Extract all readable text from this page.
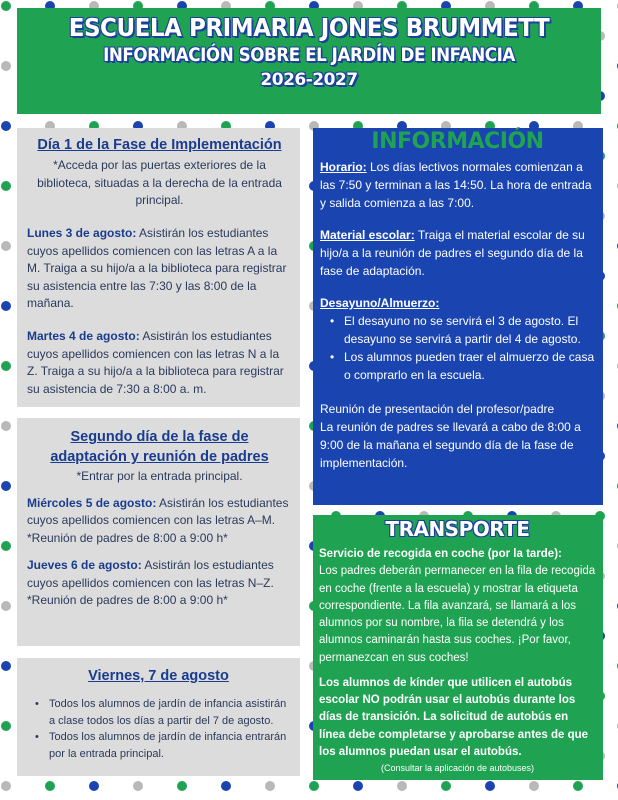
ESCUELA PRIMARIA JONES BRUMMETT
INFORMACIÓN SOBRE EL JARDÍN DE INFANCIA
2026-2027
Día 1 de la Fase de Implementación
*Acceda por las puertas exteriores de la biblioteca, situadas a la derecha de la entrada principal.
Lunes 3 de agosto: Asistirán los estudiantes cuyos apellidos comiencen con las letras A a la M. Traiga a su hijo/a a la biblioteca para registrar su asistencia entre las 7:30 y las 8:00 de la mañana.
Martes 4 de agosto: Asistirán los estudiantes cuyos apellidos comiencen con las letras N a la Z. Traiga a su hijo/a a la biblioteca para registrar su asistencia de 7:30 a 8:00 a. m.
Segundo día de la fase de
adaptación y reunión de padres
*Entrar por la entrada principal.
Miércoles 5 de agosto: Asistirán los estudiantes cuyos apellidos comiencen con las letras A–M.
*Reunión de padres de 8:00 a 9:00 h*
Jueves 6 de agosto: Asistirán los estudiantes cuyos apellidos comiencen con las letras N–Z.
*Reunión de padres de 8:00 a 9:00 h*
Viernes, 7 de agosto
• Todos los alumnos de jardín de infancia asistirán a clase todos los días a partir del 7 de agosto.
• Todos los alumnos de jardín de infancia entrarán por la entrada principal.
INFORMACIÓN
Horario: Los días lectivos normales comienzan a las 7:50 y terminan a las 14:50. La hora de entrada y salida comienza a las 7:00.
Material escolar: Traiga el material escolar de su hijo/a a la reunión de padres el segundo día de la fase de adaptación.
Desayuno/Almuerzo:
• El desayuno no se servirá el 3 de agosto. El desayuno se servirá a partir del 4 de agosto.
• Los alumnos pueden traer el almuerzo de casa o comprarlo en la escuela.
Reunión de presentación del profesor/padre
La reunión de padres se llevará a cabo de 8:00 a 9:00 de la mañana el segundo día de la fase de implementación.
TRANSPORTE
Servicio de recogida en coche (por la tarde):
Los padres deberán permanecer en la fila de recogida en coche (frente a la escuela) y mostrar la etiqueta correspondiente. La fila avanzará, se llamará a los alumnos por su nombre, la fila se detendrá y los alumnos caminarán hasta sus coches. ¡Por favor, permanezcan en sus coches!
Los alumnos de kínder que utilicen el autobús escolar NO podrán usar el autobús durante los días de transición. La solicitud de autobús en línea debe completarse y aprobarse antes de que los alumnos puedan usar el autobús.
(Consultar la aplicación de autobuses)
